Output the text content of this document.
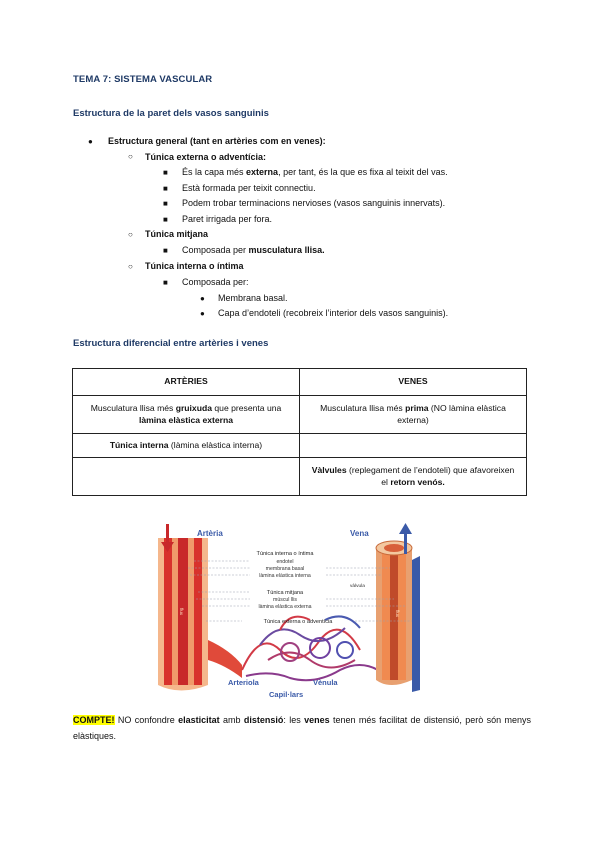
TEMA 7: SISTEMA VASCULAR
Estructura de la paret dels vasos sanguinis
● Estructura general (tant en artèries com en venes):
○ Túnica externa o adventícia:
■ És la capa més externa, per tant, és la que es fixa al teixit del vas.
■ Està formada per teixit connectiu.
■ Podem trobar terminacions nervioses (vasos sanguinis innervats).
■ Paret irrigada per fora.
○ Túnica mitjana
■ Composada per musculatura llisa.
○ Túnica interna o íntima
■ Composada per:
● Membrana basal.
● Capa d’endoteli (recobreix l’interior dels vasos sanguinis).
Estructura diferencial entre artèries i venes
ARTÈRIES	VENES
Musculatura llisa més gruixuda que presenta una làmina elàstica externa	Musculatura llisa més prima (NO làmina elàstica externa)
Túnica interna (làmina elàstica interna)	
	Vàlvules (replegament de l’endoteli) que afavoreixen el retorn venós.
Artèria	Vena
Túnica interna o íntima
endotel
membrana basal
làmina elàstica interna
vàlvula
Túnica mitjana
múscul llis
làmina elàstica externa
Túnica externa o adventícia
flux	flux
Arteriola	Vènula
Capil·lars
COMPTE! NO confondre elasticitat amb distensió: les venes tenen més facilitat de distensió, però són menys elàstiques.
